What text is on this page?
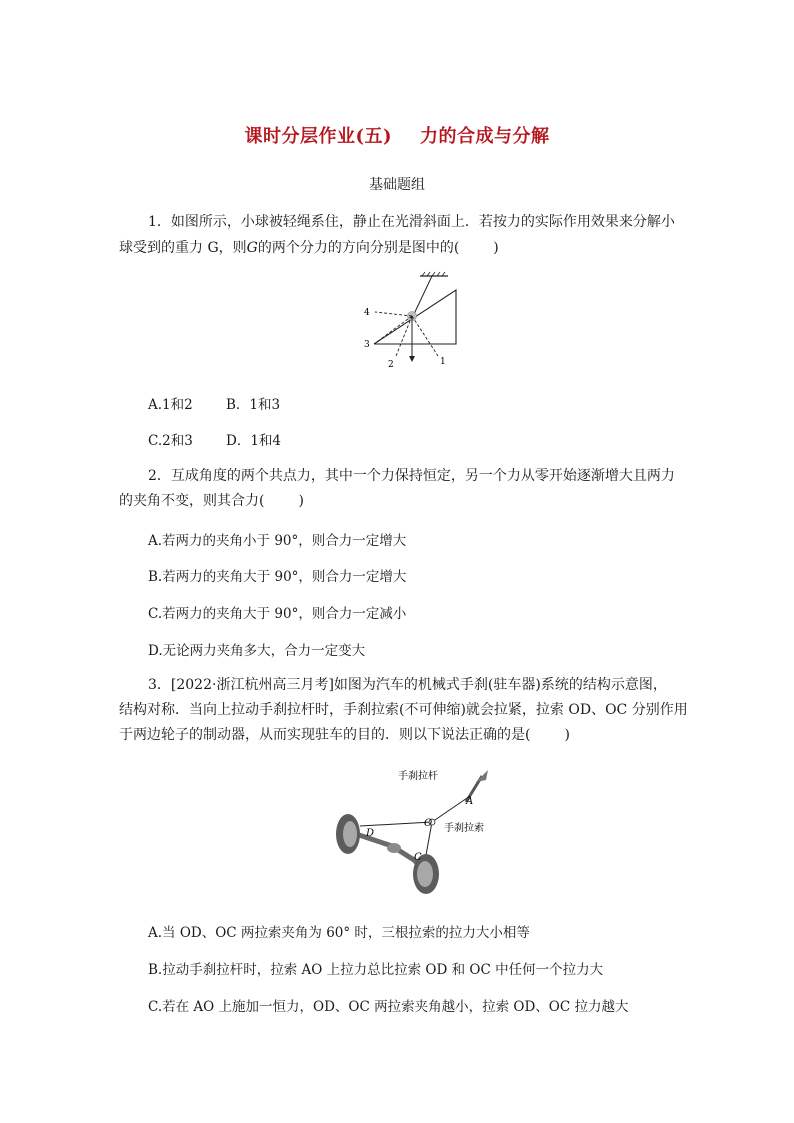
课时分层作业(五) 力的合成与分解
基础题组
1．如图所示，小球被轻绳系住，静止在光滑斜面上．若按力的实际作用效果来分解小
球受到的重力 G，则G的两个分力的方向分别是图中的( )
4
3
2	1
A.1和2 B．1和3
C.2和3 D．1和4
2．互成角度的两个共点力，其中一个力保持恒定，另一个力从零开始逐渐增大且两力
的夹角不变，则其合力( )
A.若两力的夹角小于 90°，则合力一定增大
B.若两力的夹角大于 90°，则合力一定增大
C.若两力的夹角大于 90°，则合力一定减小
D.无论两力夹角多大，合力一定变大
3．[2022·浙江杭州高三月考]如图为汽车的机械式手刹(驻车器)系统的结构示意图，
结构对称．当向上拉动手刹拉杆时，手刹拉索(不可伸缩)就会拉紧，拉索 OD、OC 分别作用
于两边轮子的制动器，从而实现驻车的目的．则以下说法正确的是( )
手刹拉杆
手刹拉索
A
O
D
C
A.当 OD、OC 两拉索夹角为 60° 时，三根拉索的拉力大小相等
B.拉动手刹拉杆时，拉索 AO 上拉力总比拉索 OD 和 OC 中任何一个拉力大
C.若在 AO 上施加一恒力，OD、OC 两拉索夹角越小，拉索 OD、OC 拉力越大
